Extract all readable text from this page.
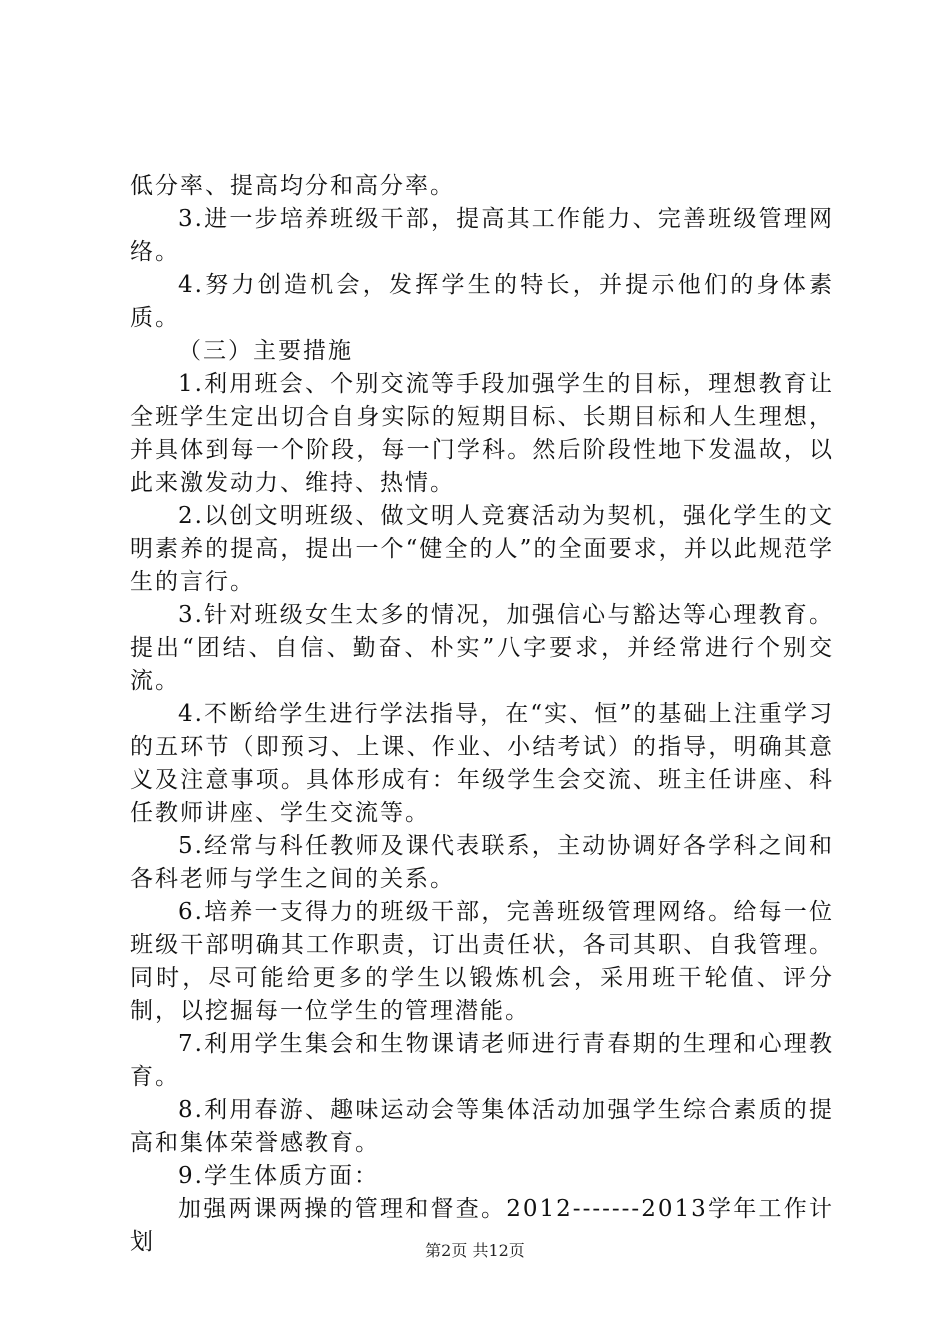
低分率、提高均分和高分率。

3.进一步培养班级干部，提高其工作能力、完善班级管理网络。

4.努力创造机会，发挥学生的特长，并提示他们的身体素质。

（三）主要措施

1.利用班会、个别交流等手段加强学生的目标，理想教育让全班学生定出切合自身实际的短期目标、长期目标和人生理想，并具体到每一个阶段，每一门学科。然后阶段性地下发温故，以此来激发动力、维持、热情。

2.以创文明班级、做文明人竞赛活动为契机，强化学生的文明素养的提高，提出一个“健全的人”的全面要求，并以此规范学生的言行。

3.针对班级女生太多的情况，加强信心与豁达等心理教育。提出“团结、自信、勤奋、朴实”八字要求，并经常进行个别交流。

4.不断给学生进行学法指导，在“实、恒”的基础上注重学习的五环节（即预习、上课、作业、小结考试）的指导，明确其意义及注意事项。具体形成有：年级学生会交流、班主任讲座、科任教师讲座、学生交流等。

5.经常与科任教师及课代表联系，主动协调好各学科之间和各科老师与学生之间的关系。

6.培养一支得力的班级干部，完善班级管理网络。给每一位班级干部明确其工作职责，订出责任状，各司其职、自我管理。同时，尽可能给更多的学生以锻炼机会，采用班干轮值、评分制，以挖掘每一位学生的管理潜能。

7.利用学生集会和生物课请老师进行青春期的生理和心理教育。

8.利用春游、趣味运动会等集体活动加强学生综合素质的提高和集体荣誉感教育。

9.学生体质方面：

加强两课两操的管理和督查。2012-------2013学年工作计划	第2页 共12页
